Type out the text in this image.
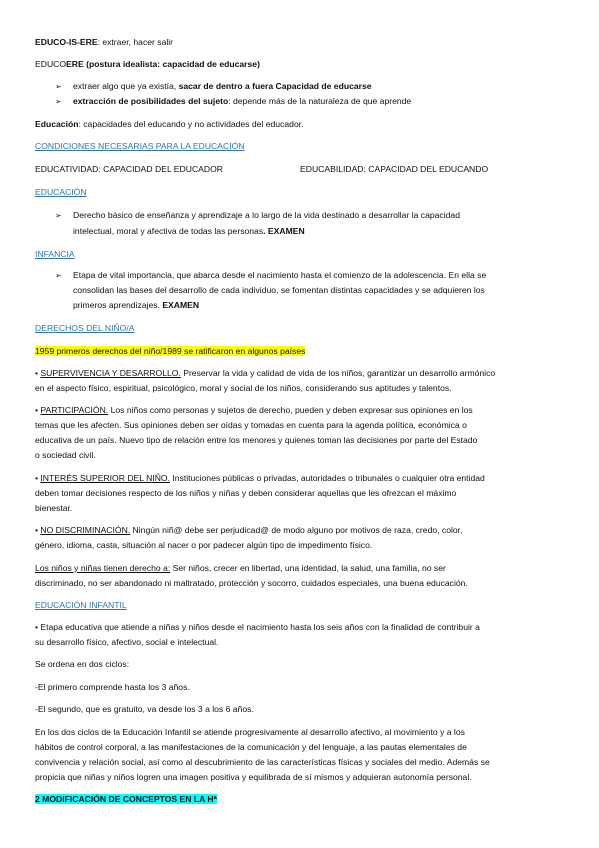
EDUCO-IS-ERE: extraer, hacer salir
EDUCOERE (postura idealista: capacidad de educarse)
➢ extraer algo que ya existía, sacar de dentro a fuera Capacidad de educarse
➢ extracción de posibilidades del sujeto: depende más de la naturaleza de que aprende
Educación: capacidades del educando y no actividades del educador.
CONDICIONES NECESARIAS PARA LA EDUCACIÓN
EDUCATIVIDAD: CAPACIDAD DEL EDUCADOR	EDUCABILIDAD: CAPACIDAD DEL EDUCANDO
EDUCACIÓN
➢ Derecho básico de enseñanza y aprendizaje a lo largo de la vida destinado a desarrollar la capacidad
intelectual, moral y afectiva de todas las personas. EXAMEN
INFANCIA
➢ Etapa de vital importancia, que abarca desde el nacimiento hasta el comienzo de la adolescencia. En ella se
consolidan las bases del desarrollo de cada individuo, se fomentan distintas capacidades y se adquieren los
primeros aprendizajes. EXAMEN
DERECHOS DEL NIÑO/A
1959 primeros derechos del niño/1989 se ratificaron en algunos países
• SUPERVIVENCIA Y DESARROLLO. Preservar la vida y calidad de vida de los niños, garantizar un desarrollo armónico
en el aspecto físico, espiritual, psicológico, moral y social de los niños, considerando sus aptitudes y talentos.
• PARTICIPACIÓN. Los niños como personas y sujetos de derecho, pueden y deben expresar sus opiniones en los
temas que les afecten. Sus opiniones deben ser oídas y tomadas en cuenta para la agenda política, económica o
educativa de un país. Nuevo tipo de relación entre los menores y quienes toman las decisiones por parte del Estado
o sociedad civil.
• INTERÉS SUPERIOR DEL NIÑO. Instituciones públicas o privadas, autoridades o tribunales o cualquier otra entidad
deben tomar decisiones respecto de los niños y niñas y deben considerar aquellas que les ofrezcan el máximo
bienestar.
• NO DISCRIMINACIÓN. Ningún niñ@ debe ser perjudicad@ de modo alguno por motivos de raza, credo, color,
género, idioma, casta, situación al nacer o por padecer algún tipo de impedimento físico.
Los niños y niñas tienen derecho a: Ser niños, crecer en libertad, una identidad, la salud, una familia, no ser
discriminado, no ser abandonado ni maltratado, protección y socorro, cuidados especiales, una buena educación.
EDUCACIÓN INFANTIL
• Etapa educativa que atiende a niñas y niños desde el nacimiento hasta los seis años con la finalidad de contribuir a
su desarrollo físico, afectivo, social e intelectual.
Se ordena en dos ciclos:
-El primero comprende hasta los 3 años.
-El segundo, que es gratuito, va desde los 3 a los 6 años.
En los dos ciclos de la Educación Infantil se atiende progresivamente al desarrollo afectivo, al movimiento y a los
hábitos de control corporal, a las manifestaciones de la comunicación y del lenguaje, a las pautas elementales de
convivencia y relación social, así como al descubrimiento de las características físicas y sociales del medio. Además se
propicia que niñas y niños logren una imagen positiva y equilibrada de sí mismos y adquieran autonomía personal.
2 MODIFICACIÓN DE CONCEPTOS EN LA Hª
